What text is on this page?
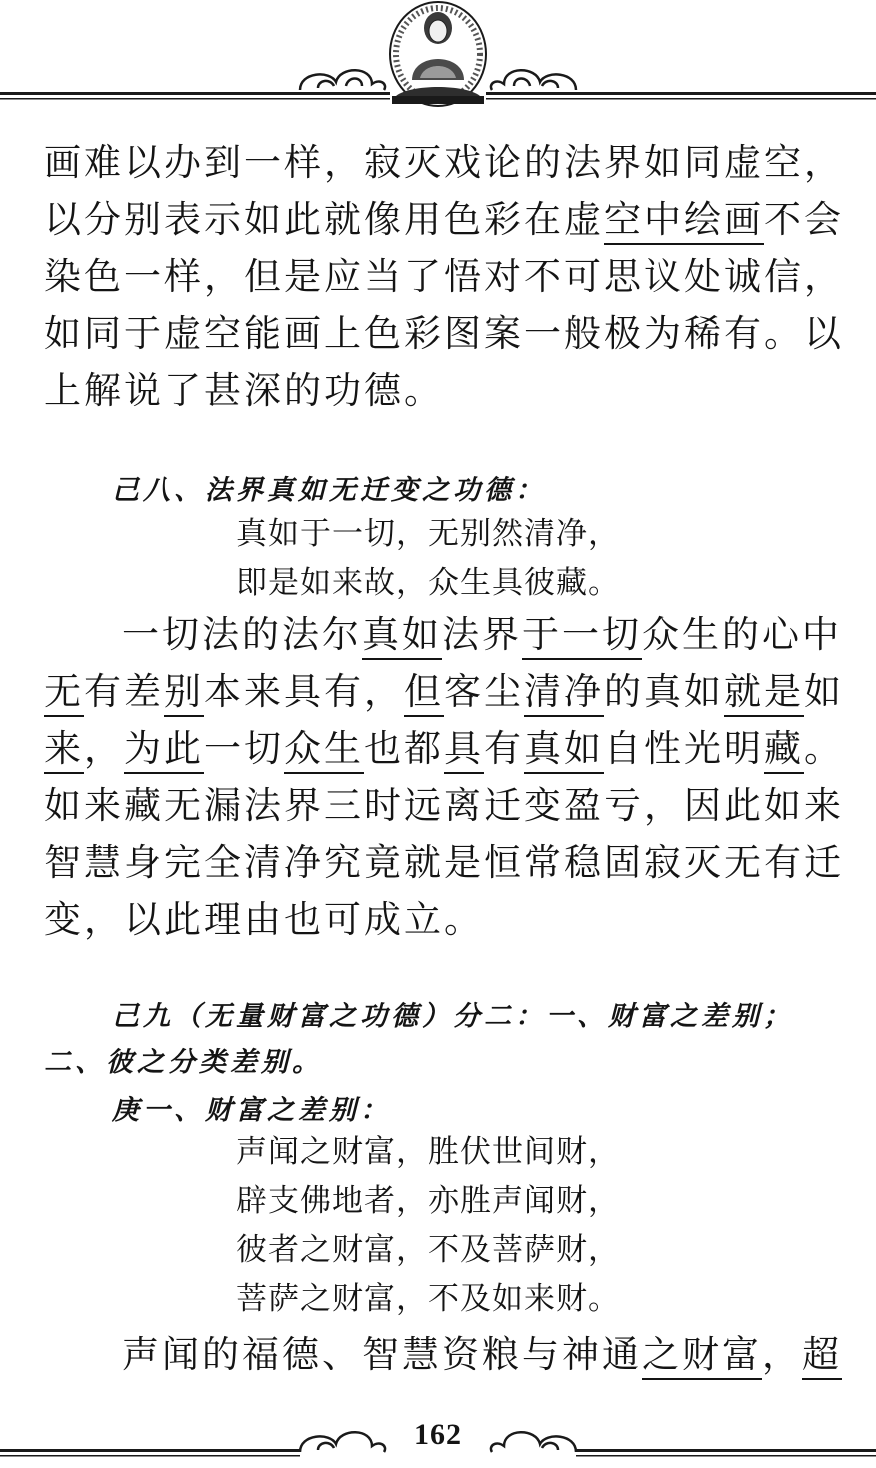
画难以办到一样，寂灭戏论的法界如同虚空，
以分别表示如此就像用色彩在虚空中绘画不会
染色一样，但是应当了悟对不可思议处诚信，
如同于虚空能画上色彩图案一般极为稀有。以
上解说了甚深的功德。
己八、法界真如无迁变之功德：
真如于一切，无别然清净，
即是如来故，众生具彼藏。
一切法的法尔真如法界于一切众生的心中
无有差别本来具有，但客尘清净的真如就是如
来，为此一切众生也都具有真如自性光明藏。
如来藏无漏法界三时远离迁变盈亏，因此如来
智慧身完全清净究竟就是恒常稳固寂灭无有迁
变，以此理由也可成立。
己九（无量财富之功德）分二：一、财富之差别；
二、彼之分类差别。
庚一、财富之差别：
声闻之财富，胜伏世间财，
辟支佛地者，亦胜声闻财，
彼者之财富，不及菩萨财，
菩萨之财富，不及如来财。
声闻的福德、智慧资粮与神通之财富，超
162
